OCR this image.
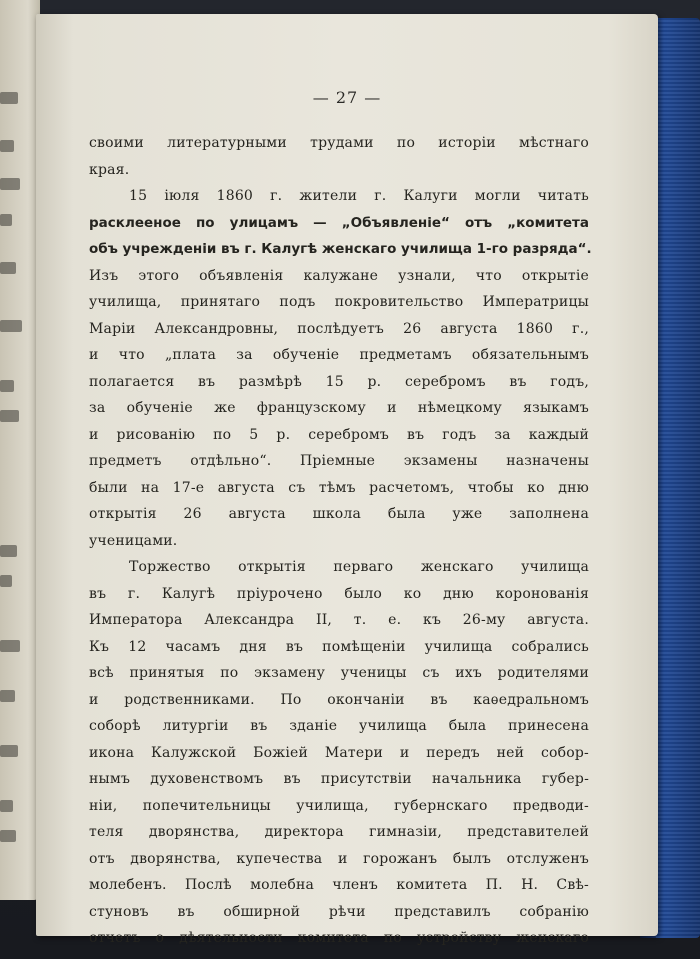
— 27 —
своими литературными трудами по исторіи мѣстнаго
края.
15 іюля 1860 г. жители г. Калуги могли читать
расклееное по улицамъ — „Объявленіе“ отъ „комитета
объ учрежденіи въ г. Калугѣ женскаго училища 1-го разряда“.
Изъ этого объявленія калужане узнали, что открытіе
училища, принятаго подъ покровительство Императрицы
Маріи Александровны, послѣдуетъ 26 августа 1860 г.,
и что „плата за обученіе предметамъ обязательнымъ
полагается въ размѣрѣ 15 р. серебромъ въ годъ,
за обученіе же французскому и нѣмецкому языкамъ
и рисованію по 5 р. серебромъ въ годъ за каждый
предметъ отдѣльно“. Пріемные экзамены назначены
были на 17-е августа съ тѣмъ расчетомъ, чтобы ко дню
открытія 26 августа школа была уже заполнена
ученицами.
Торжество открытія перваго женскаго училища
въ г. Калугѣ пріурочено было ко дню коронованія
Императора Александра II, т. е. къ 26-му августа.
Къ 12 часамъ дня въ помѣщеніи училища собрались
всѣ принятыя по экзамену ученицы съ ихъ родителями
и родственниками. По окончаніи въ каѳедральномъ
соборѣ литургіи въ зданіе училища была принесена
икона Калужской Божіей Матери и передъ ней собор-
нымъ духовенствомъ въ присутствіи начальника губер-
ніи, попечительницы училища, губернскаго предводи-
теля дворянства, директора гимназіи, представителей
отъ дворянства, купечества и горожанъ былъ отслуженъ
молебенъ. Послѣ молебна членъ комитета П. Н. Свѣ-
стуновъ въ обширной рѣчи представилъ собранію
отчетъ о дѣятельности комитета по устройству женскаго
